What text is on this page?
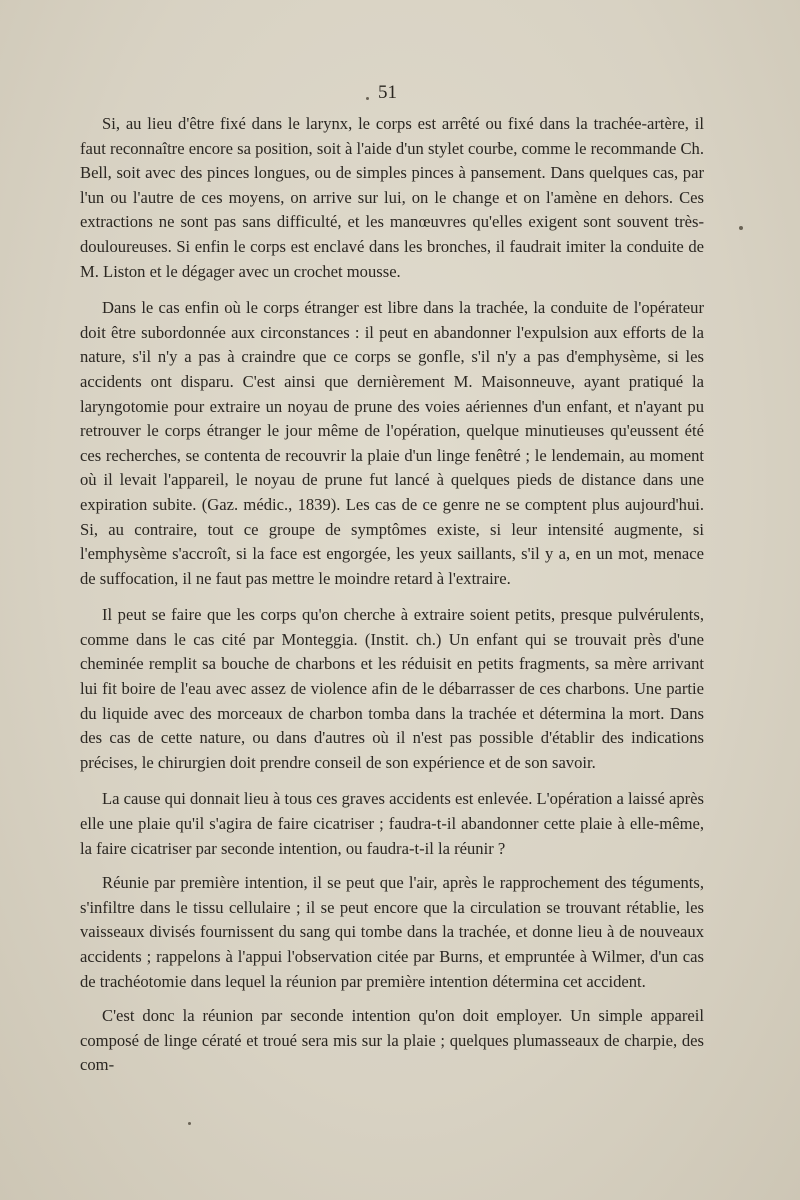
51

Si, au lieu d'être fixé dans le larynx, le corps est arrêté ou fixé dans la trachée-artère, il faut reconnaître encore sa position, soit à l'aide d'un stylet courbe, comme le recommande Ch. Bell, soit avec des pinces longues, ou de simples pinces à pansement. Dans quelques cas, par l'un ou l'autre de ces moyens, on arrive sur lui, on le change et on l'amène en dehors. Ces extractions ne sont pas sans difficulté, et les manœuvres qu'elles exigent sont souvent très-douloureuses. Si enfin le corps est enclavé dans les bronches, il faudrait imiter la conduite de M. Liston et le dégager avec un crochet mousse.

Dans le cas enfin où le corps étranger est libre dans la trachée, la conduite de l'opérateur doit être subordonnée aux circonstances : il peut en abandonner l'expulsion aux efforts de la nature, s'il n'y a pas à craindre que ce corps se gonfle, s'il n'y a pas d'emphysème, si les accidents ont disparu. C'est ainsi que dernièrement M. Maisonneuve, ayant pratiqué la laryngotomie pour extraire un noyau de prune des voies aériennes d'un enfant, et n'ayant pu retrouver le corps étranger le jour même de l'opération, quelque minutieuses qu'eussent été ces recherches, se contenta de recouvrir la plaie d'un linge fenêtré ; le lendemain, au moment où il levait l'appareil, le noyau de prune fut lancé à quelques pieds de distance dans une expiration subite. (Gaz. médic., 1839). Les cas de ce genre ne se comptent plus aujourd'hui. Si, au contraire, tout ce groupe de symptômes existe, si leur intensité augmente, si l'emphysème s'accroît, si la face est engorgée, les yeux saillants, s'il y a, en un mot, menace de suffocation, il ne faut pas mettre le moindre retard à l'extraire.

Il peut se faire que les corps qu'on cherche à extraire soient petits, presque pulvérulents, comme dans le cas cité par Monteggia. (Instit. ch.) Un enfant qui se trouvait près d'une cheminée remplit sa bouche de charbons et les réduisit en petits fragments, sa mère arrivant lui fit boire de l'eau avec assez de violence afin de le débarrasser de ces charbons. Une partie du liquide avec des morceaux de charbon tomba dans la trachée et détermina la mort. Dans des cas de cette nature, ou dans d'autres où il n'est pas possible d'établir des indications précises, le chirurgien doit prendre conseil de son expérience et de son savoir.

La cause qui donnait lieu à tous ces graves accidents est enlevée. L'opération a laissé après elle une plaie qu'il s'agira de faire cicatriser ; faudra-t-il abandonner cette plaie à elle-même, la faire cicatriser par seconde intention, ou faudra-t-il la réunir ?

Réunie par première intention, il se peut que l'air, après le rapprochement des téguments, s'infiltre dans le tissu cellulaire ; il se peut encore que la circulation se trouvant rétablie, les vaisseaux divisés fournissent du sang qui tombe dans la trachée, et donne lieu à de nouveaux accidents ; rappelons à l'appui l'observation citée par Burns, et empruntée à Wilmer, d'un cas de trachéotomie dans lequel la réunion par première intention détermina cet accident.

C'est donc la réunion par seconde intention qu'on doit employer. Un simple appareil composé de linge cératé et troué sera mis sur la plaie ; quelques plumasseaux de charpie, des com-
